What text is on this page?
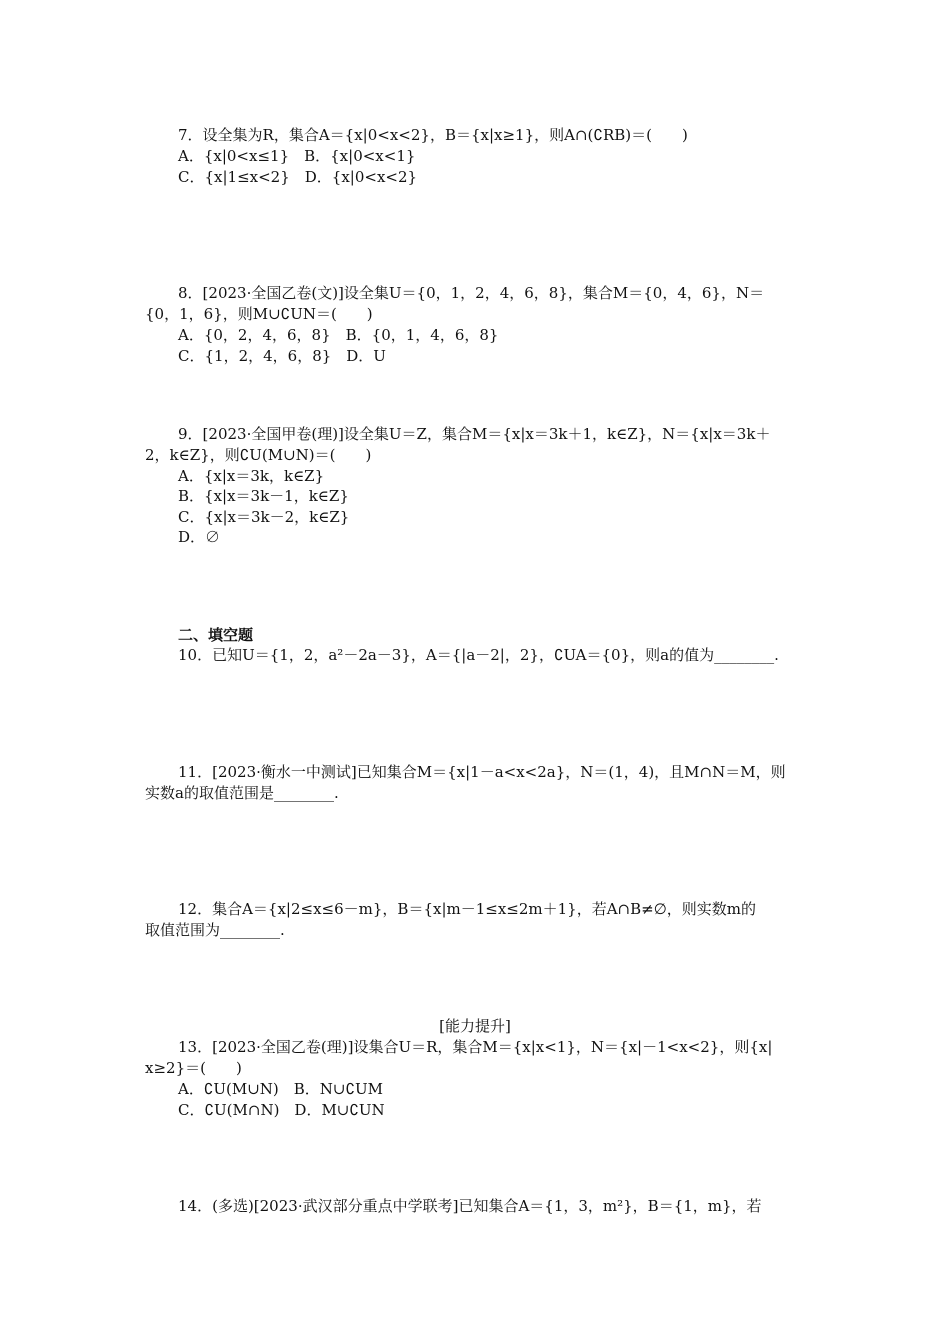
7．设全集为R，集合A＝{x|0<x<2}，B＝{x|x≥1}，则A∩(∁RB)＝(　　)
A．{x|0<x≤1}　B．{x|0<x<1}
C．{x|1≤x<2}　D．{x|0<x<2}
8．[2023·全国乙卷(文)]设全集U＝{0，1，2，4，6，8}，集合M＝{0，4，6}，N＝
{0，1，6}，则M∪∁UN＝(　　)
A．{0，2，4，6，8}　B．{0，1，4，6，8}
C．{1，2，4，6，8}　D．U
9．[2023·全国甲卷(理)]设全集U＝Z，集合M＝{x|x＝3k＋1，k∈Z}，N＝{x|x＝3k＋
2，k∈Z}，则∁U(M∪N)＝(　　)
A．{x|x＝3k，k∈Z}
B．{x|x＝3k－1，k∈Z}
C．{x|x＝3k－2，k∈Z}
D．∅
二、填空题
10．已知U＝{1，2，a²－2a－3}，A＝{|a－2|，2}，∁UA＝{0}，则a的值为________.
11．[2023·衡水一中测试]已知集合M＝{x|1－a<x<2a}，N＝(1，4)，且M∩N＝M，则
实数a的取值范围是________.
12．集合A＝{x|2≤x≤6－m}，B＝{x|m－1≤x≤2m＋1}，若A∩B≠∅，则实数m的
取值范围为________.
[能力提升]
13．[2023·全国乙卷(理)]设集合U＝R，集合M＝{x|x<1}，N＝{x|－1<x<2}，则{x|
x≥2}＝(　　)
A．∁U(M∪N)　B．N∪∁UM
C．∁U(M∩N)　D．M∪∁UN
14．(多选)[2023·武汉部分重点中学联考]已知集合A＝{1，3，m²}，B＝{1，m}，若
